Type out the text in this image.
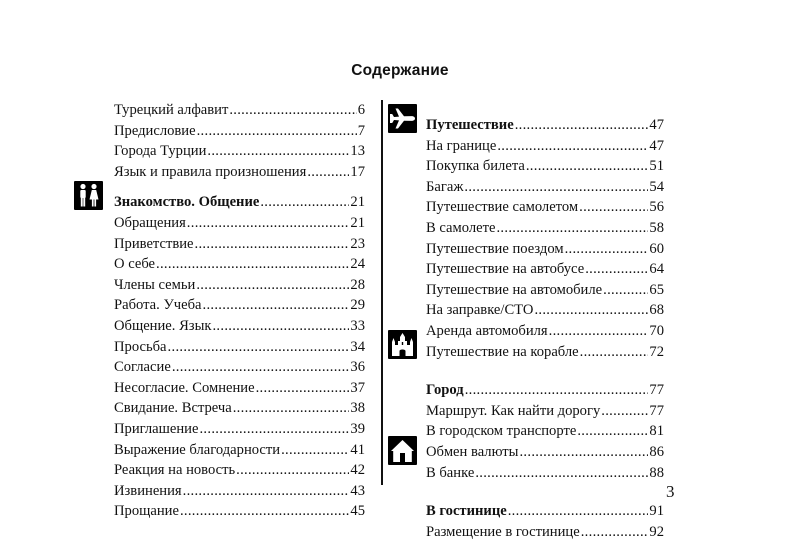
Содержание
Турецкий алфавит .....	6
Предисловие .....	7
Города Турции .....	13
Язык и правила произношения .....	17
Знакомство. Общение .....	21
Обращения .....	21
Приветствие .....	23
О себе .....	24
Члены семьи .....	28
Работа. Учеба .....	29
Общение. Язык .....	33
Просьба .....	34
Согласие .....	36
Несогласие. Сомнение .....	37
Свидание. Встреча .....	38
Приглашение .....	39
Выражение благодарности .....	41
Реакция на новость .....	42
Извинения .....	43
Прощание .....	45
Путешествие .....	47
На границе .....	47
Покупка билета .....	51
Багаж .....	54
Путешествие самолетом .....	56
В самолете .....	58
Путешествие поездом .....	60
Путешествие на автобусе .....	64
Путешествие на автомобиле .....	65
На заправке/СТО .....	68
Аренда автомобиля .....	70
Путешествие на корабле .....	72
Город .....	77
Маршрут. Как найти дорогу .....	77
В городском транспорте .....	81
Обмен валюты .....	86
В банке .....	88
В гостинице .....	91
Размещение в гостинице .....	92
3
